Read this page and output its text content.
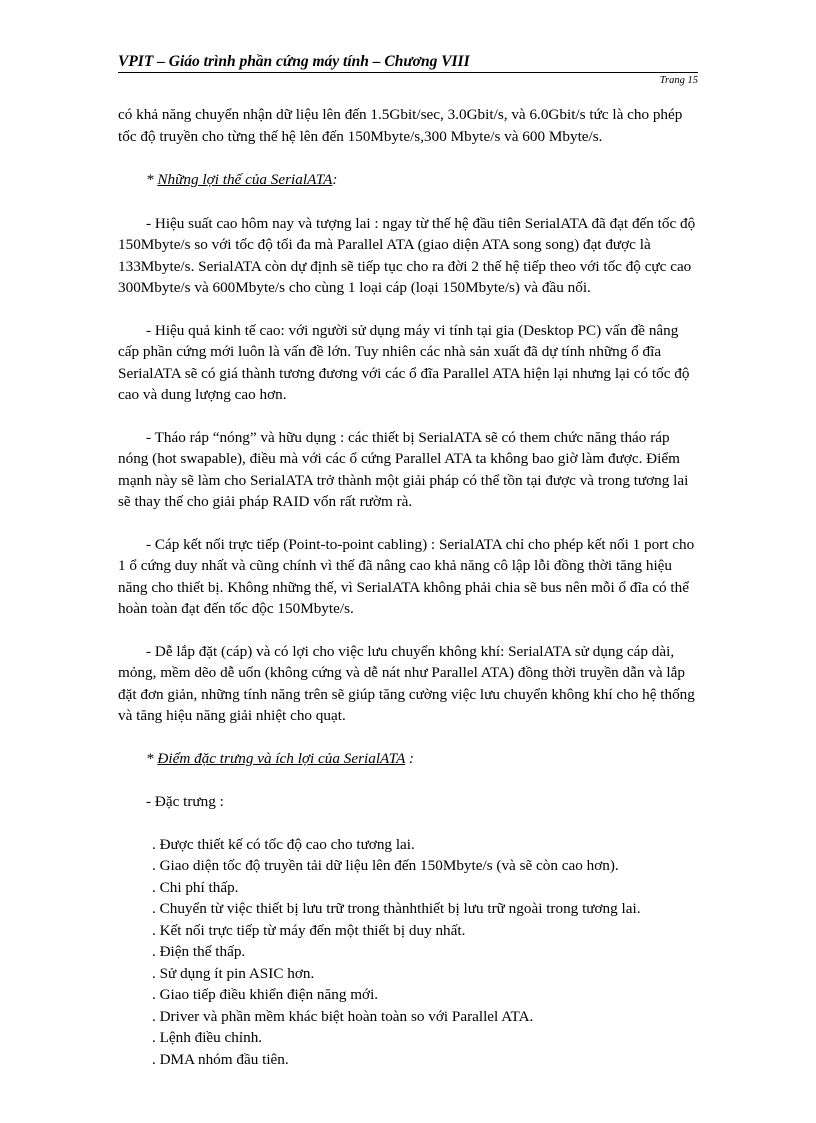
VPIT – Giáo trình phần cứng máy tính – Chương VIII
Trang 15

có khả năng chuyển nhận dữ liệu lên đến 1.5Gbit/sec, 3.0Gbit/s, và 6.0Gbit/s tức là cho phép tốc độ truyền cho từng thế hệ lên đến 150Mbyte/s,300 Mbyte/s và 600 Mbyte/s.

* Những lợi thế của SerialATA:

- Hiệu suất cao hôm nay và tượng lai : ngay từ thế hệ đầu tiên SerialATA đã đạt đến tốc độ 150Mbyte/s so với tốc độ tối đa mà Parallel ATA (giao diện ATA song song) đạt được là 133Mbyte/s. SerialATA còn dự định sẽ tiếp tục cho ra đời 2 thế hệ tiếp theo với tốc độ cực cao 300Mbyte/s và 600Mbyte/s cho cùng 1 loại cáp (loại 150Mbyte/s) và đầu nối.

- Hiệu quả kinh tế cao: với người sử dụng máy vi tính tại gia (Desktop PC) vấn đề nâng cấp phần cứng mới luôn là vấn đề lớn. Tuy nhiên các nhà sản xuất đã dự tính những ổ đĩa SerialATA sẽ có giá thành tương đương với các ổ đĩa Parallel ATA hiện lại nhưng lại có tốc độ cao và dung lượng cao hơn.

- Tháo ráp “nóng” và hữu dụng : các thiết bị SerialATA sẽ có them chức năng tháo ráp nóng (hot swapable), điều mà với các ổ cứng Parallel ATA ta không bao giờ làm được. Điểm mạnh này sẽ làm cho SerialATA trở thành một giải pháp có thể tồn tại được và trong tương lai sẽ thay thế cho giải pháp RAID vốn rất rườm rà.

- Cáp kết nối trực tiếp (Point-to-point cabling) : SerialATA chỉ cho phép kết nối 1 port cho 1 ổ cứng duy nhất và cũng chính vì thế đã nâng cao khả năng cô lập lỗi đồng thời tăng hiệu năng cho thiết bị. Không những thế, vì SerialATA không phải chia sẽ bus nên mỗi ổ đĩa có thể hoàn toàn đạt đến tốc độc 150Mbyte/s.

- Dễ lắp đặt (cáp) và có lợi cho việc lưu chuyển không khí: SerialATA sử dụng cáp dài, mỏng, mềm dẽo dễ uốn (không cứng và dễ nát như Parallel ATA) đồng thời truyền dẫn và lắp đặt đơn giản, những tính năng trên sẽ giúp tăng cường việc lưu chuyển không khí cho hệ thống và tăng hiệu năng giải nhiệt cho quạt.

* Điểm đặc trưng và ích lợi của SerialATA :

- Đặc trưng :

. Được thiết kế có tốc độ cao cho tương lai.
. Giao diện tốc độ truyền tải dữ liệu lên đến 150Mbyte/s (và sẽ còn cao hơn).
. Chi phí thấp.
. Chuyển từ việc thiết bị lưu trữ trong thànhthiết bị lưu trữ ngoài trong tương lai.
. Kết nối trực tiếp từ máy đến một thiết bị duy nhất.
. Điện thế thấp.
. Sử dụng ít pin ASIC hơn.
. Giao tiếp điều khiển điện năng mới.
. Driver và phần mềm khác biệt hoàn toàn so với Parallel ATA.
. Lệnh điều chỉnh.
. DMA nhóm đầu tiên.
